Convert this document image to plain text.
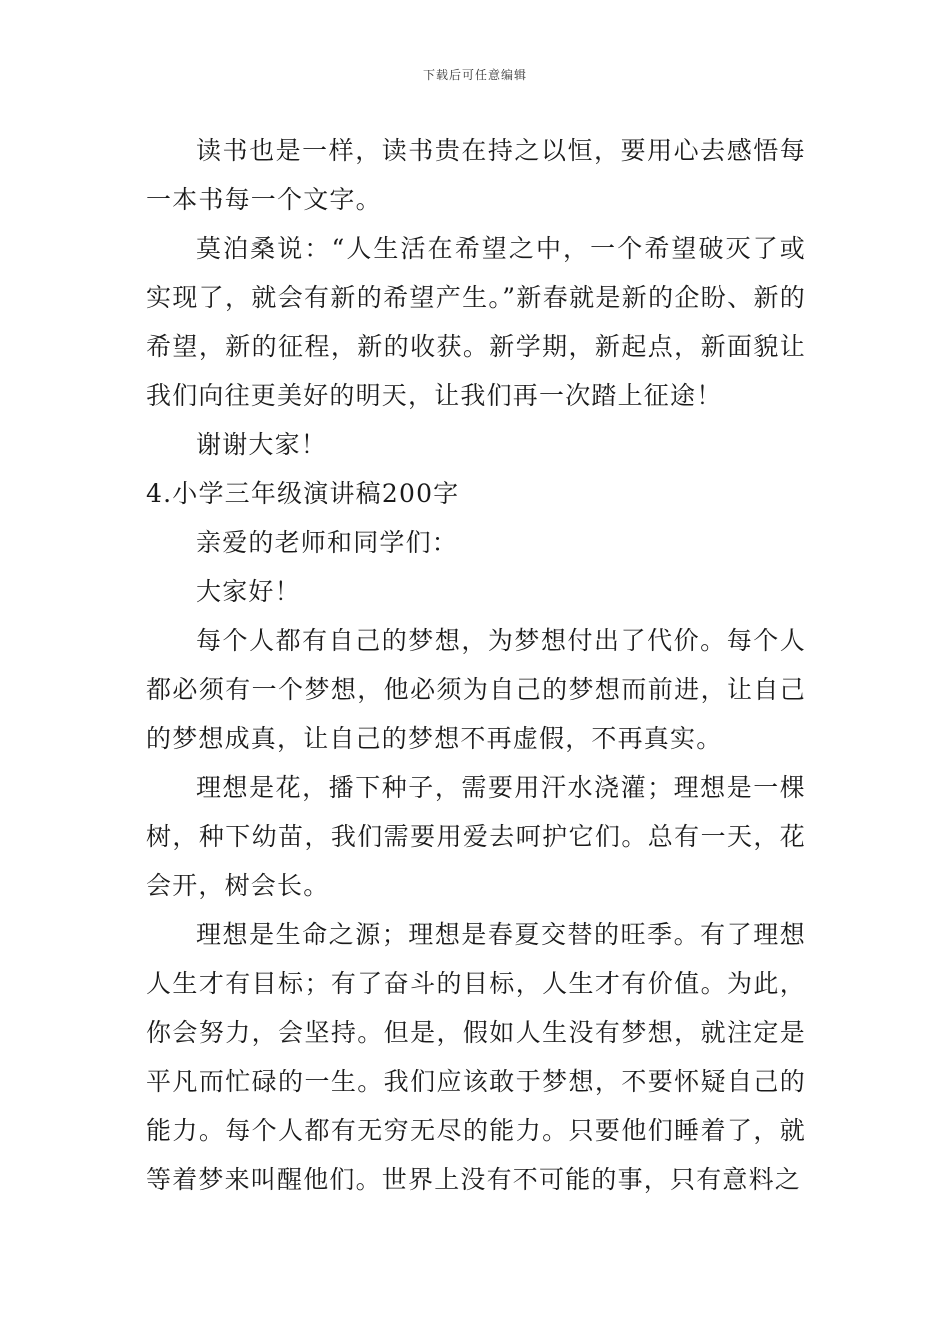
下载后可任意编辑

读书也是一样，读书贵在持之以恒，要用心去感悟每一本书每一个文字。

莫泊桑说：“人生活在希望之中，一个希望破灭了或实现了，就会有新的希望产生。”新春就是新的企盼、新的希望，新的征程，新的收获。新学期，新起点，新面貌让我们向往更美好的明天，让我们再一次踏上征途！

谢谢大家！

4.小学三年级演讲稿200字

亲爱的老师和同学们：

大家好！

每个人都有自己的梦想，为梦想付出了代价。每个人都必须有一个梦想，他必须为自己的梦想而前进，让自己的梦想成真，让自己的梦想不再虚假，不再真实。

理想是花，播下种子，需要用汗水浇灌；理想是一棵树，种下幼苗，我们需要用爱去呵护它们。总有一天，花会开，树会长。

理想是生命之源；理想是春夏交替的旺季。有了理想人生才有目标；有了奋斗的目标，人生才有价值。为此，你会努力，会坚持。但是，假如人生没有梦想，就注定是平凡而忙碌的一生。我们应该敢于梦想，不要怀疑自己的能力。每个人都有无穷无尽的能力。只要他们睡着了，就等着梦来叫醒他们。世界上没有不可能的事，只有意料之
